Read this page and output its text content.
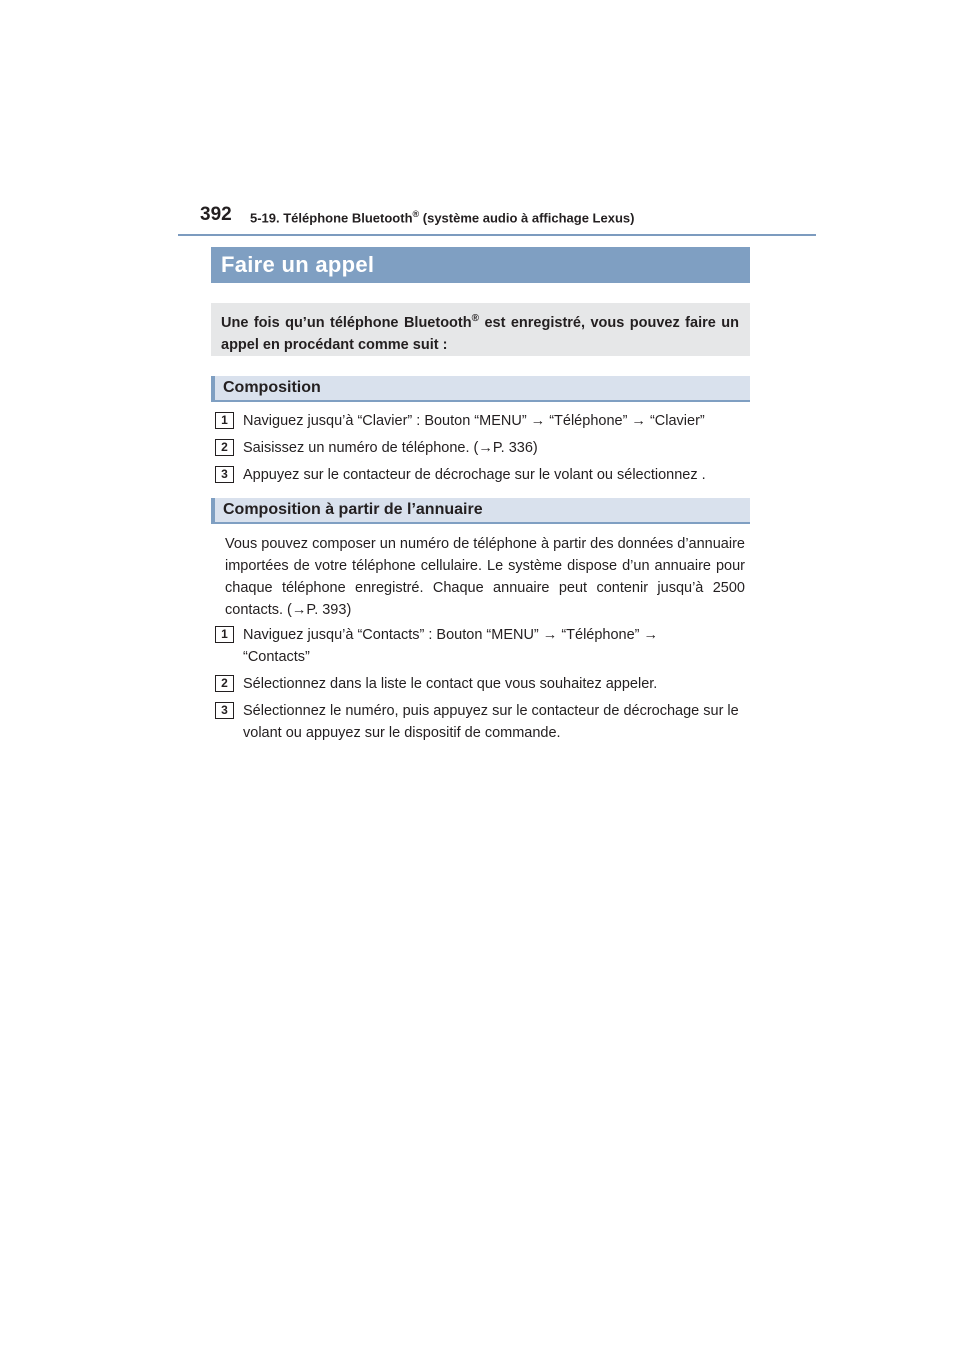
392 5-19. Téléphone Bluetooth® (système audio à affichage Lexus)
Faire un appel
Une fois qu’un téléphone Bluetooth® est enregistré, vous pouvez faire un appel en procédant comme suit :
Composition
1	Naviguez jusqu’à “Clavier” : Bouton “MENU” → “Téléphone” → “Clavier”
2	Saisissez un numéro de téléphone. (→P. 336)
3	Appuyez sur le contacteur de décrochage sur le volant ou sélectionnez .
Composition à partir de l’annuaire
Vous pouvez composer un numéro de téléphone à partir des données d’annuaire importées de votre téléphone cellulaire. Le système dispose d’un annuaire pour chaque téléphone enregistré. Chaque annuaire peut contenir jusqu’à 2500 contacts. (→P. 393)
1	Naviguez jusqu’à “Contacts” : Bouton “MENU” → “Téléphone” → “Contacts”
2	Sélectionnez dans la liste le contact que vous souhaitez appeler.
3	Sélectionnez le numéro, puis appuyez sur le contacteur de décrochage sur le volant ou appuyez sur le dispositif de commande.
